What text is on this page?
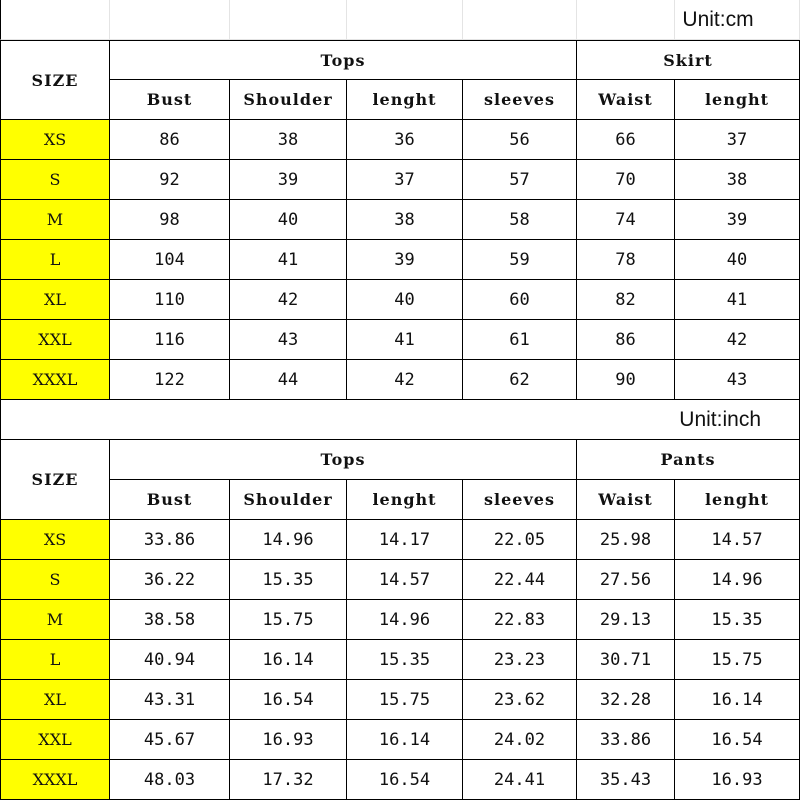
Unit:cm
SIZE
Tops	Skirt
Bust	Shoulder	lenght	sleeves	Waist	lenght
XS	86	38	36	56	66	37
S	92	39	37	57	70	38
M	98	40	38	58	74	39
L	104	41	39	59	78	40
XL	110	42	40	60	82	41
XXL	116	43	41	61	86	42
XXXL	122	44	42	62	90	43
Unit:inch
SIZE
Tops	Pants
Bust	Shoulder	lenght	sleeves	Waist	lenght
XS	33.86	14.96	14.17	22.05	25.98	14.57
S	36.22	15.35	14.57	22.44	27.56	14.96
M	38.58	15.75	14.96	22.83	29.13	15.35
L	40.94	16.14	15.35	23.23	30.71	15.75
XL	43.31	16.54	15.75	23.62	32.28	16.14
XXL	45.67	16.93	16.14	24.02	33.86	16.54
XXXL	48.03	17.32	16.54	24.41	35.43	16.93
